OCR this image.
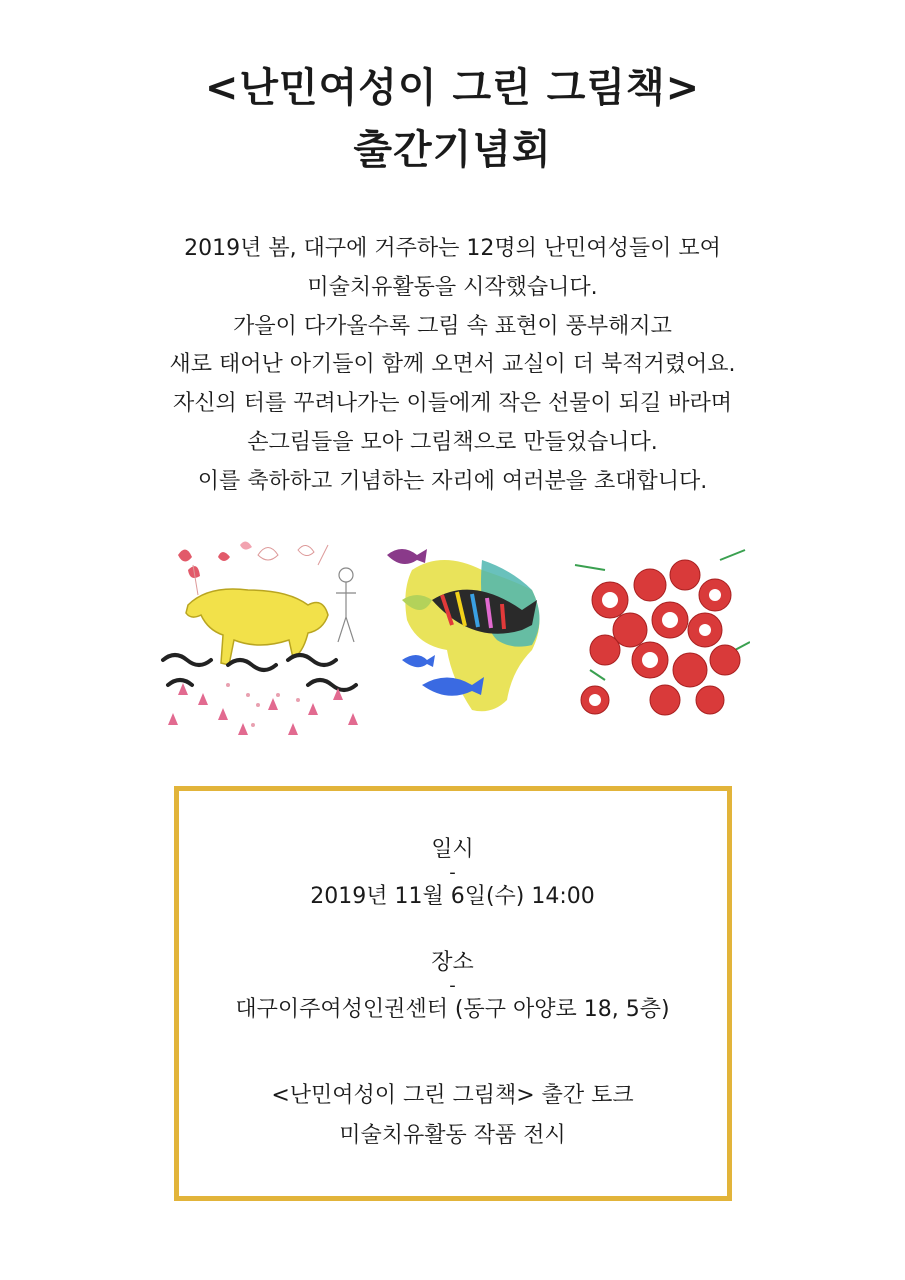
<난민여성이 그린 그림책>
출간기념회
2019년 봄, 대구에 거주하는 12명의 난민여성들이 모여
미술치유활동을 시작했습니다.
가을이 다가올수록 그림 속 표현이 풍부해지고
새로 태어난 아기들이 함께 오면서 교실이 더 북적거렸어요.
자신의 터를 꾸려나가는 이들에게 작은 선물이 되길 바라며
손그림들을 모아 그림책으로 만들었습니다.
이를 축하하고 기념하는 자리에 여러분을 초대합니다.
일시
-
2019년 11월 6일(수) 14:00
장소
-
대구이주여성인권센터 (동구 아양로 18, 5층)
<난민여성이 그린 그림책> 출간 토크
미술치유활동 작품 전시
